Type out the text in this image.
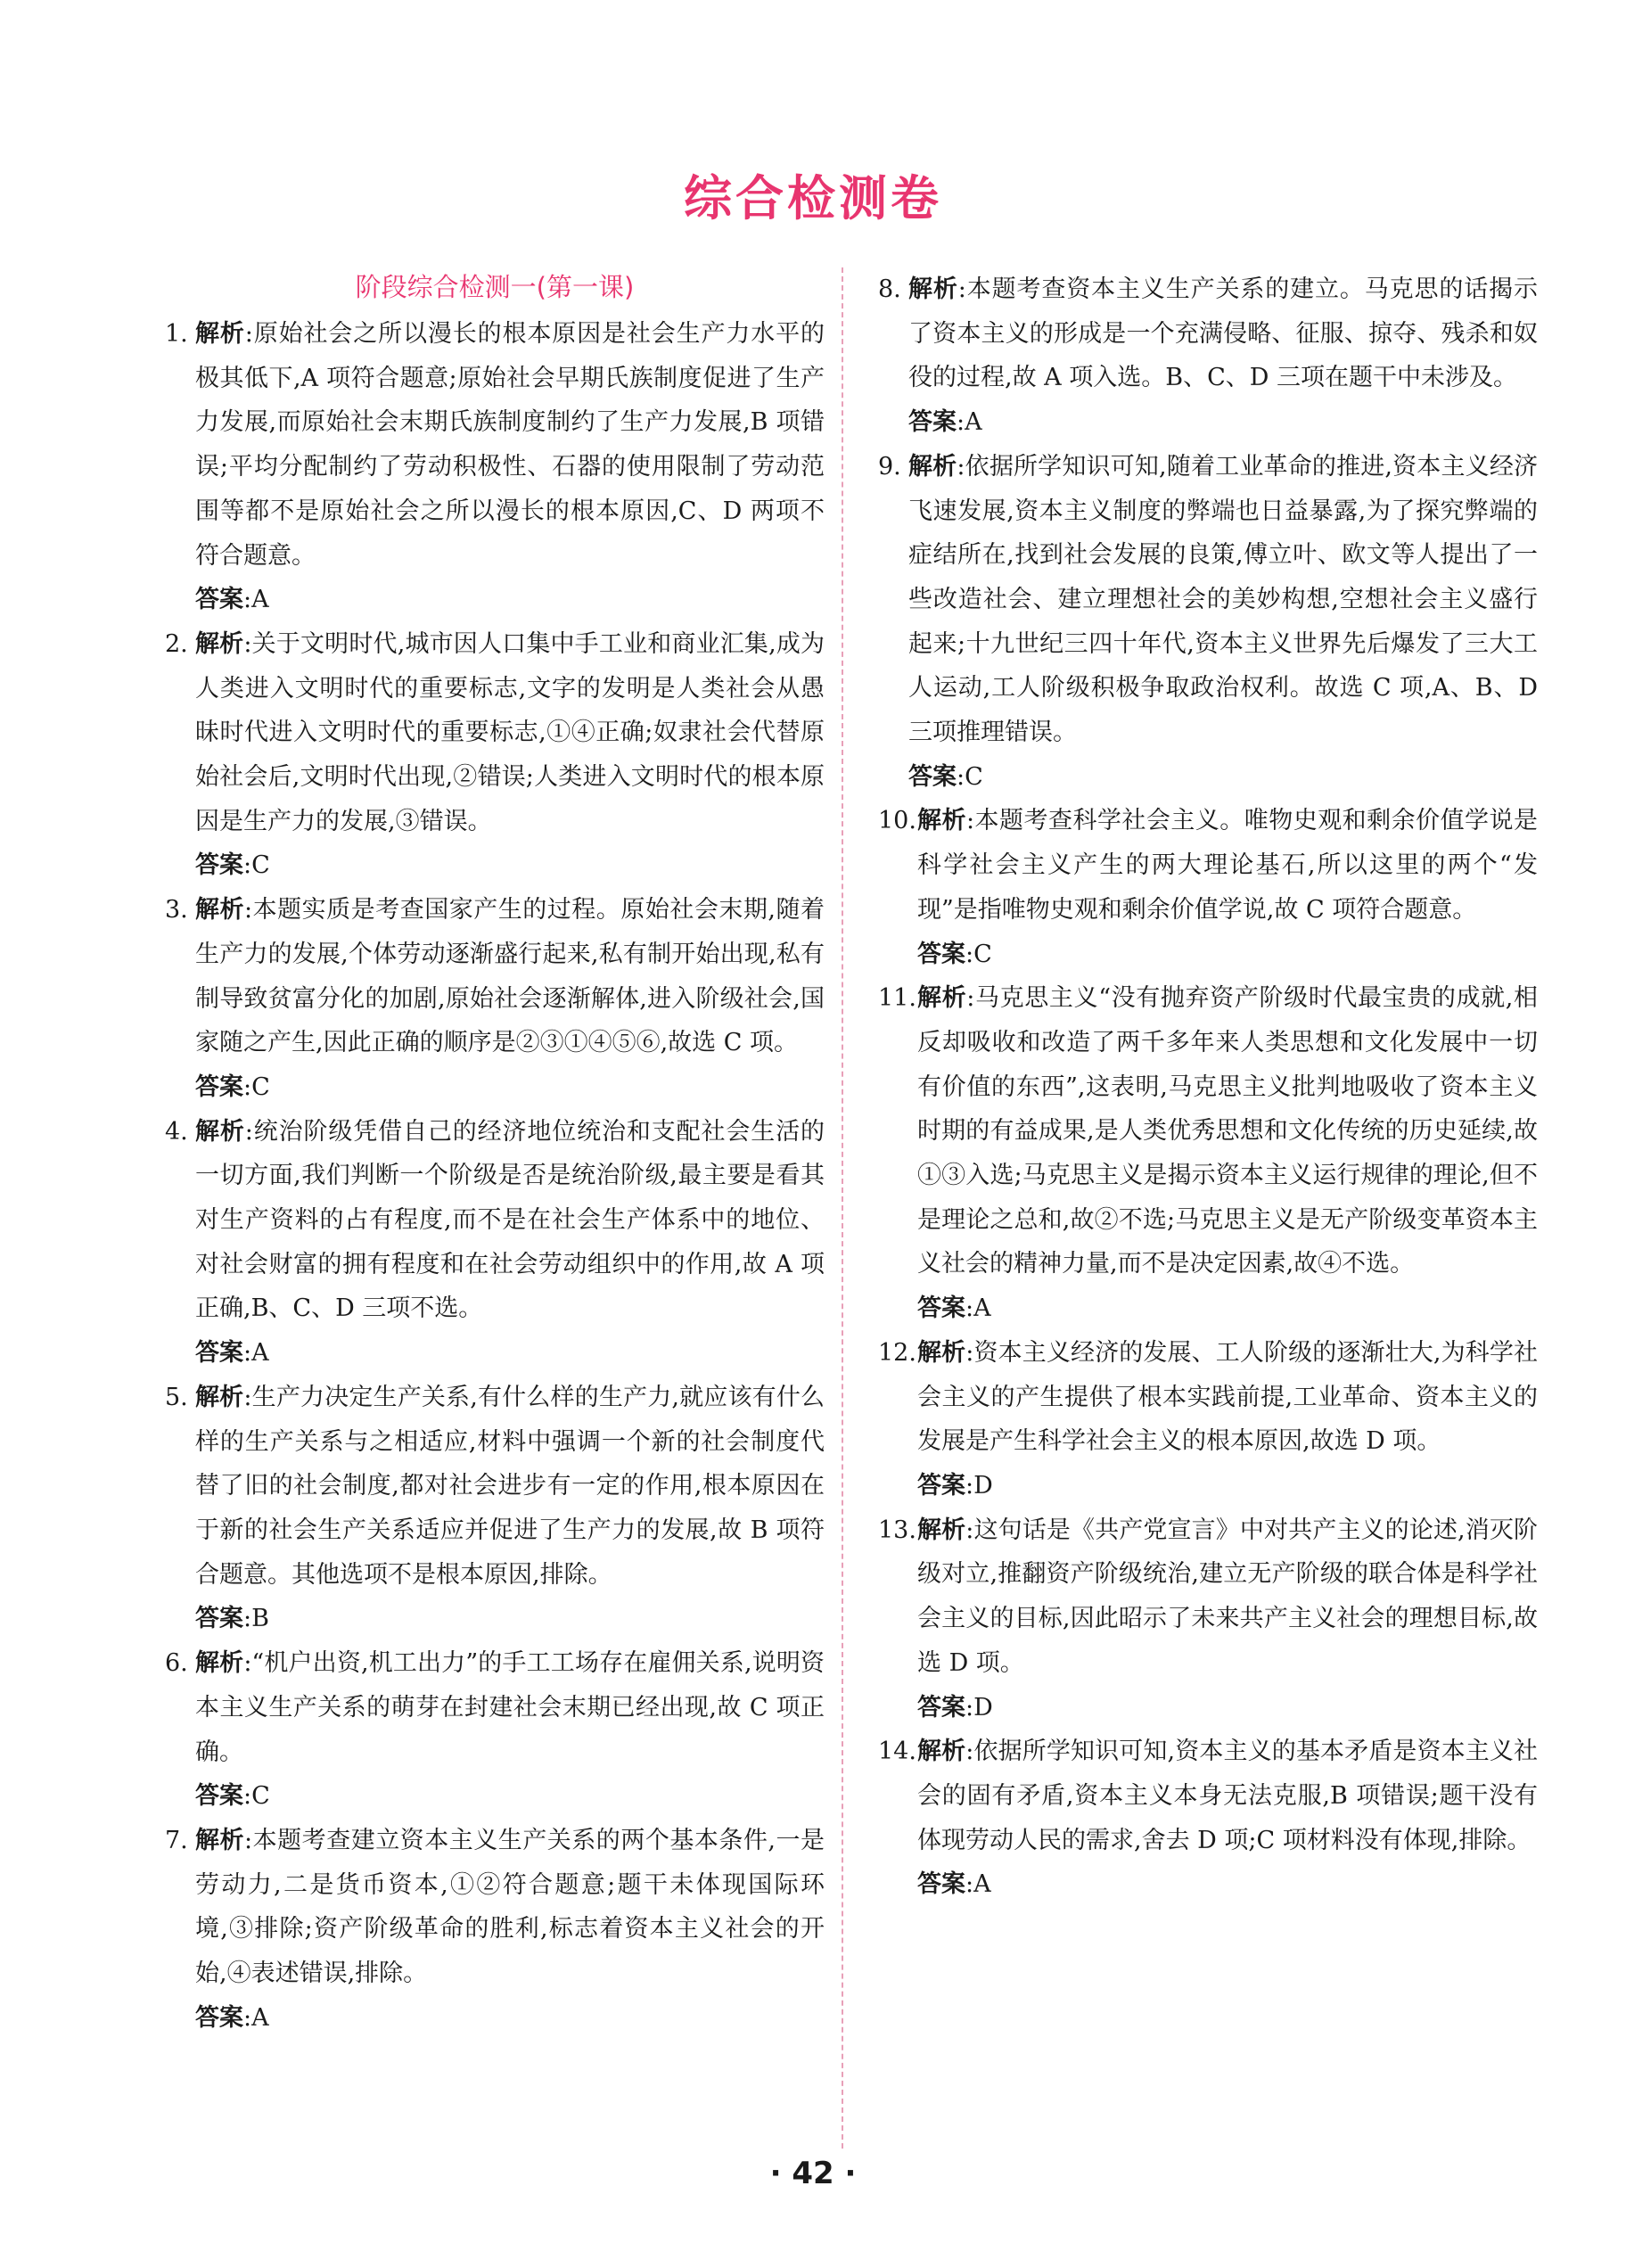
综合检测卷
阶段综合检测一(第一课)
1. 解析:原始社会之所以漫长的根本原因是社会生产力水平的极其低下,A 项符合题意;原始社会早期氏族制度促进了生产力发展,而原始社会末期氏族制度制约了生产力发展,B 项错误;平均分配制约了劳动积极性、石器的使用限制了劳动范围等都不是原始社会之所以漫长的根本原因,C、D 两项不符合题意。
答案:A
2. 解析:关于文明时代,城市因人口集中手工业和商业汇集,成为人类进入文明时代的重要标志,文字的发明是人类社会从愚昧时代进入文明时代的重要标志,①④正确;奴隶社会代替原始社会后,文明时代出现,②错误;人类进入文明时代的根本原因是生产力的发展,③错误。
答案:C
3. 解析:本题实质是考查国家产生的过程。原始社会末期,随着生产力的发展,个体劳动逐渐盛行起来,私有制开始出现,私有制导致贫富分化的加剧,原始社会逐渐解体,进入阶级社会,国家随之产生,因此正确的顺序是②③①④⑤⑥,故选 C 项。
答案:C
4. 解析:统治阶级凭借自己的经济地位统治和支配社会生活的一切方面,我们判断一个阶级是否是统治阶级,最主要是看其对生产资料的占有程度,而不是在社会生产体系中的地位、对社会财富的拥有程度和在社会劳动组织中的作用,故 A 项正确,B、C、D 三项不选。
答案:A
5. 解析:生产力决定生产关系,有什么样的生产力,就应该有什么样的生产关系与之相适应,材料中强调一个新的社会制度代替了旧的社会制度,都对社会进步有一定的作用,根本原因在于新的社会生产关系适应并促进了生产力的发展,故 B 项符合题意。其他选项不是根本原因,排除。
答案:B
6. 解析:“机户出资,机工出力”的手工工场存在雇佣关系,说明资本主义生产关系的萌芽在封建社会末期已经出现,故 C 项正确。
答案:C
7. 解析:本题考查建立资本主义生产关系的两个基本条件,一是劳动力,二是货币资本,①②符合题意;题干未体现国际环境,③排除;资产阶级革命的胜利,标志着资本主义社会的开始,④表述错误,排除。
答案:A
8. 解析:本题考查资本主义生产关系的建立。马克思的话揭示了资本主义的形成是一个充满侵略、征服、掠夺、残杀和奴役的过程,故 A 项入选。B、C、D 三项在题干中未涉及。
答案:A
9. 解析:依据所学知识可知,随着工业革命的推进,资本主义经济飞速发展,资本主义制度的弊端也日益暴露,为了探究弊端的症结所在,找到社会发展的良策,傅立叶、欧文等人提出了一些改造社会、建立理想社会的美妙构想,空想社会主义盛行起来;十九世纪三四十年代,资本主义世界先后爆发了三大工人运动,工人阶级积极争取政治权利。故选 C 项,A、B、D 三项推理错误。
答案:C
10. 解析:本题考查科学社会主义。唯物史观和剩余价值学说是科学社会主义产生的两大理论基石,所以这里的两个“发现”是指唯物史观和剩余价值学说,故 C 项符合题意。
答案:C
11. 解析:马克思主义“没有抛弃资产阶级时代最宝贵的成就,相反却吸收和改造了两千多年来人类思想和文化发展中一切有价值的东西”,这表明,马克思主义批判地吸收了资本主义时期的有益成果,是人类优秀思想和文化传统的历史延续,故①③入选;马克思主义是揭示资本主义运行规律的理论,但不是理论之总和,故②不选;马克思主义是无产阶级变革资本主义社会的精神力量,而不是决定因素,故④不选。
答案:A
12. 解析:资本主义经济的发展、工人阶级的逐渐壮大,为科学社会主义的产生提供了根本实践前提,工业革命、资本主义的发展是产生科学社会主义的根本原因,故选 D 项。
答案:D
13. 解析:这句话是《共产党宣言》中对共产主义的论述,消灭阶级对立,推翻资产阶级统治,建立无产阶级的联合体是科学社会主义的目标,因此昭示了未来共产主义社会的理想目标,故选 D 项。
答案:D
14. 解析:依据所学知识可知,资本主义的基本矛盾是资本主义社会的固有矛盾,资本主义本身无法克服,B 项错误;题干没有体现劳动人民的需求,舍去 D 项;C 项材料没有体现,排除。
答案:A
· 42 ·
